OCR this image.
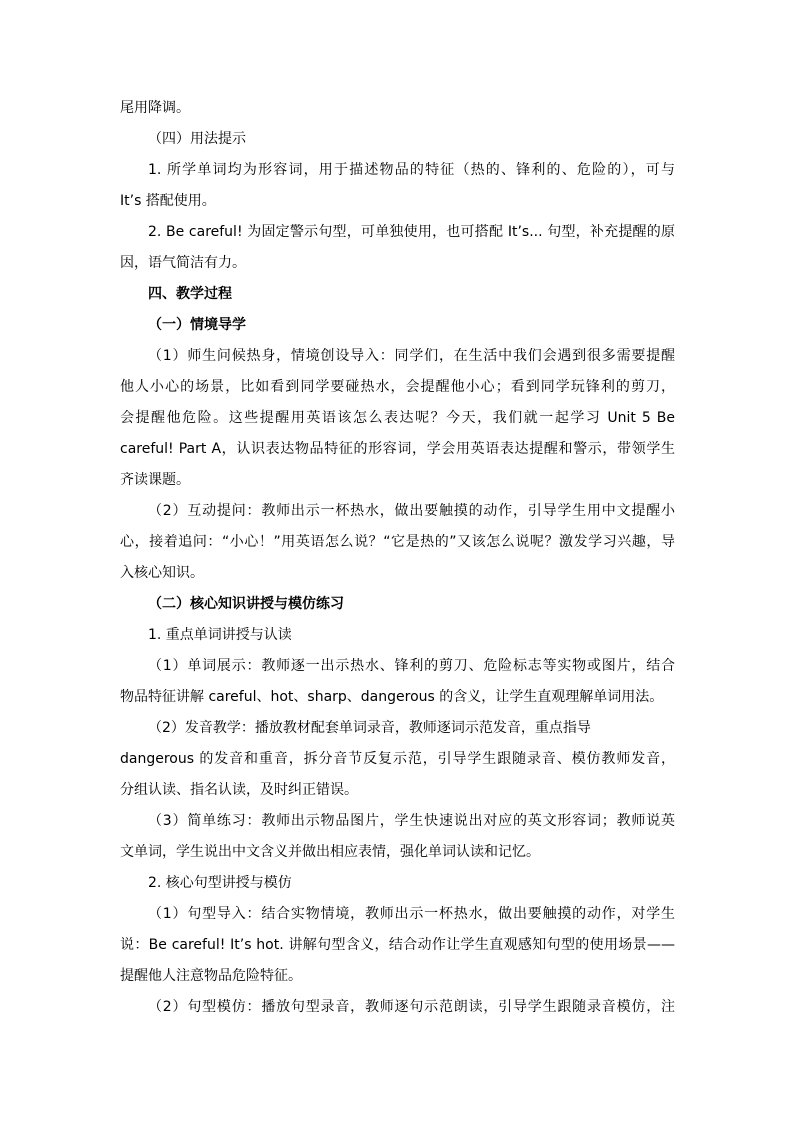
尾用降调。

（四）用法提示

1. 所学单词均为形容词，用于描述物品的特征（热的、锋利的、危险的），可与
It’s 搭配使用。

2. Be careful! 为固定警示句型，可单独使用，也可搭配 It’s... 句型，补充提醒的原
因，语气简洁有力。

四、教学过程

（一）情境导学

（1）师生问候热身，情境创设导入：同学们，在生活中我们会遇到很多需要提醒
他人小心的场景，比如看到同学要碰热水，会提醒他小心；看到同学玩锋利的剪刀，
会提醒他危险。这些提醒用英语该怎么表达呢？今天，我们就一起学习 Unit 5 Be
careful! Part A，认识表达物品特征的形容词，学会用英语表达提醒和警示，带领学生
齐读课题。

（2）互动提问：教师出示一杯热水，做出要触摸的动作，引导学生用中文提醒小
心，接着追问：“小心！”用英语怎么说？“它是热的”又该怎么说呢？激发学习兴趣，导
入核心知识。

（二）核心知识讲授与模仿练习

1. 重点单词讲授与认读

（1）单词展示：教师逐一出示热水、锋利的剪刀、危险标志等实物或图片，结合
物品特征讲解 careful、hot、sharp、dangerous 的含义，让学生直观理解单词用法。

（2）发音教学：播放教材配套单词录音，教师逐词示范发音，重点指导
dangerous 的发音和重音，拆分音节反复示范，引导学生跟随录音、模仿教师发音，
分组认读、指名认读，及时纠正错误。

（3）简单练习：教师出示物品图片，学生快速说出对应的英文形容词；教师说英
文单词，学生说出中文含义并做出相应表情，强化单词认读和记忆。

2. 核心句型讲授与模仿

（1）句型导入：结合实物情境，教师出示一杯热水，做出要触摸的动作，对学生
说：Be careful! It’s hot. 讲解句型含义，结合动作让学生直观感知句型的使用场景——
提醒他人注意物品危险特征。

（2）句型模仿：播放句型录音，教师逐句示范朗读，引导学生跟随录音模仿，注
